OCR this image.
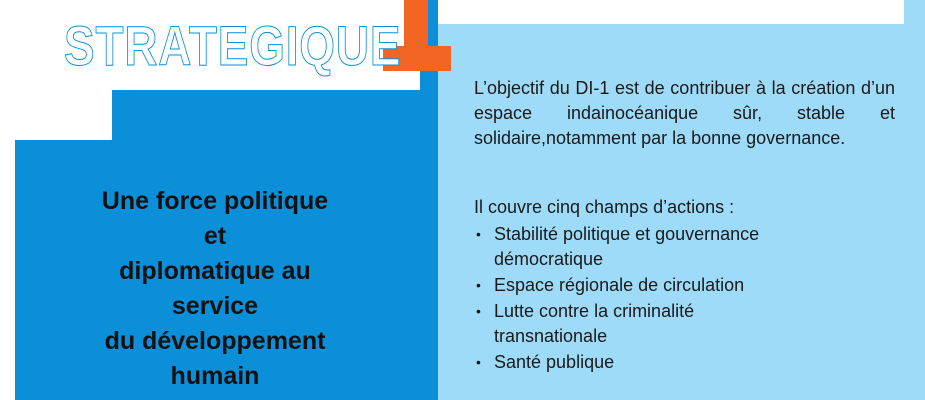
STRATEGIQUE
Une force politique
et
diplomatique au
service
du développement
humain

L’objectif du DI-1 est de contribuer à la création d’un espace indainocéanique sûr, stable et solidaire,notamment par la bonne governance.

Il couvre cinq champs d’actions :

• Stabilité politique et gouvernance
démocratique
• Espace régionale de circulation
• Lutte contre la criminalité
transnationale
• Santé publique
